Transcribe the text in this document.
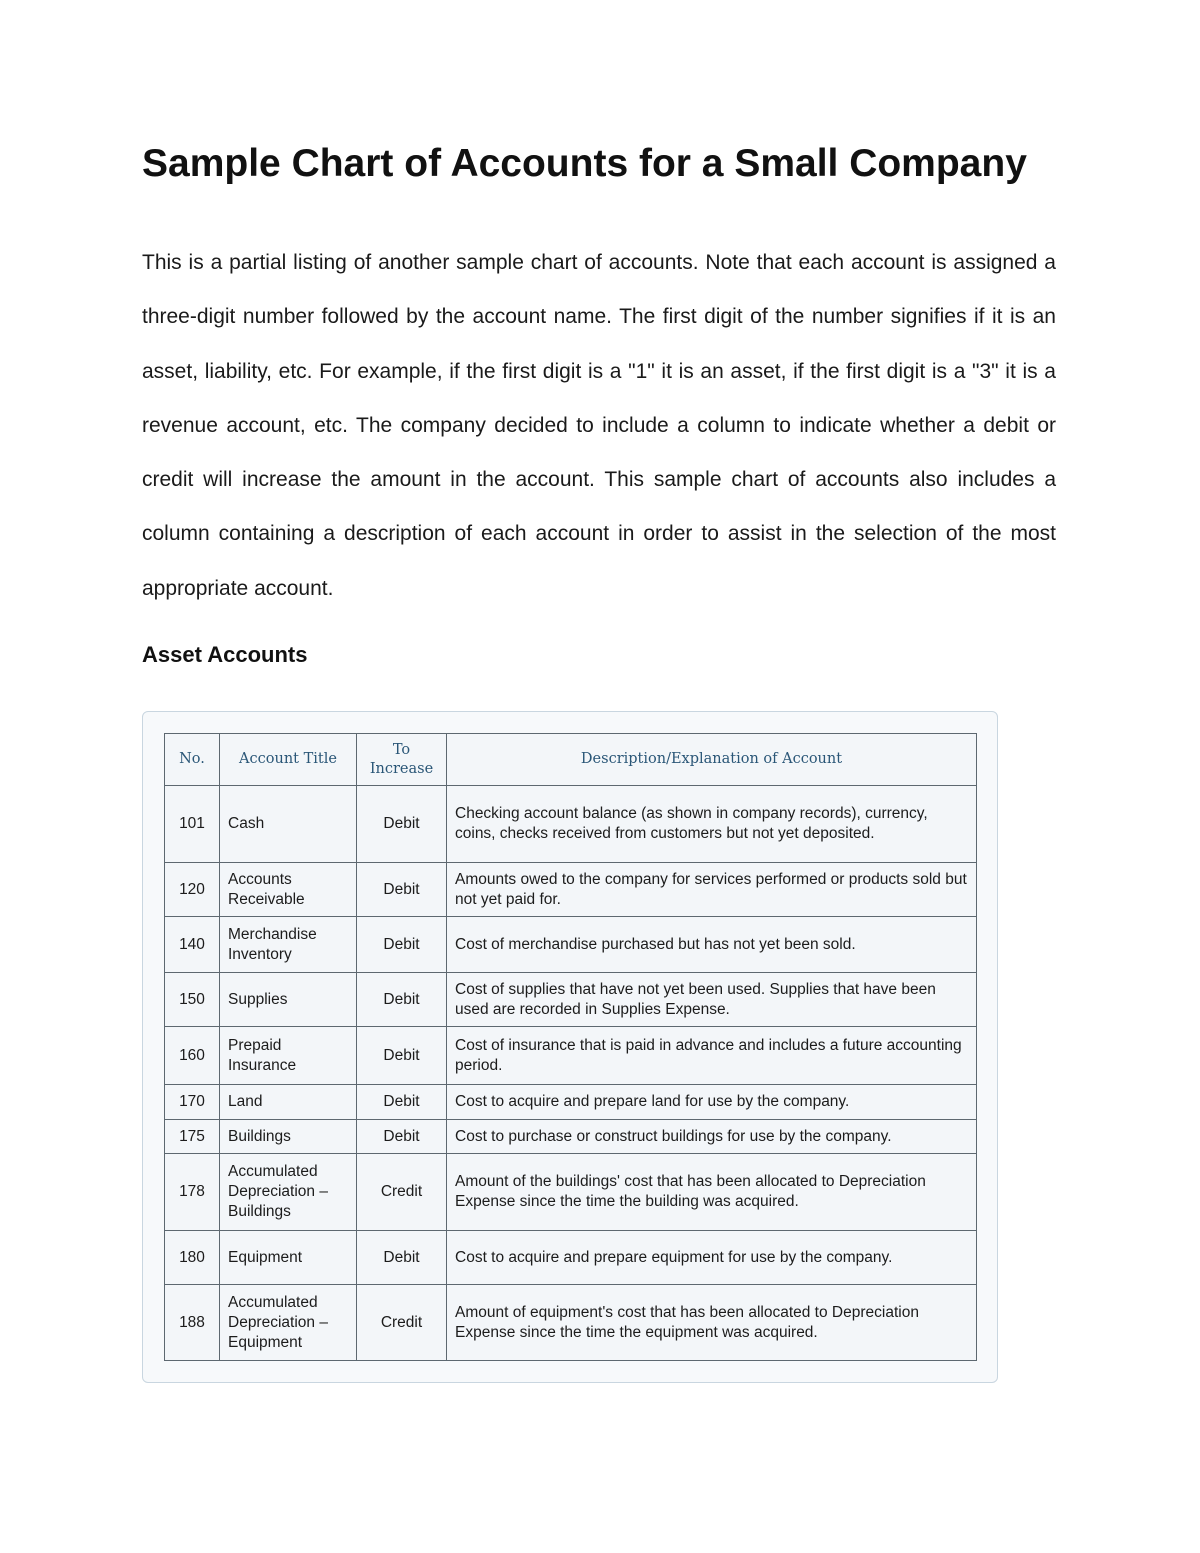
Sample Chart of Accounts for a Small Company

This is a partial listing of another sample chart of accounts. Note that each account is assigned a three-digit number followed by the account name. The first digit of the number signifies if it is an asset, liability, etc. For example, if the first digit is a "1" it is an asset, if the first digit is a "3" it is a revenue account, etc. The company decided to include a column to indicate whether a debit or credit will increase the amount in the account. This sample chart of accounts also includes a column containing a description of each account in order to assist in the selection of the most appropriate account.

Asset Accounts
No.	Account Title	To Increase	Description/Explanation of Account
101	Cash	Debit	Checking account balance (as shown in company records), currency, coins, checks received from customers but not yet deposited.
120	Accounts Receivable	Debit	Amounts owed to the company for services performed or products sold but not yet paid for.
140	Merchandise Inventory	Debit	Cost of merchandise purchased but has not yet been sold.
150	Supplies	Debit	Cost of supplies that have not yet been used. Supplies that have been used are recorded in Supplies Expense.
160	Prepaid Insurance	Debit	Cost of insurance that is paid in advance and includes a future accounting period.
170	Land	Debit	Cost to acquire and prepare land for use by the company.
175	Buildings	Debit	Cost to purchase or construct buildings for use by the company.
178	Accumulated Depreciation – Buildings	Credit	Amount of the buildings' cost that has been allocated to Depreciation Expense since the time the building was acquired.
180	Equipment	Debit	Cost to acquire and prepare equipment for use by the company.
188	Accumulated Depreciation – Equipment	Credit	Amount of equipment's cost that has been allocated to Depreciation Expense since the time the equipment was acquired.
